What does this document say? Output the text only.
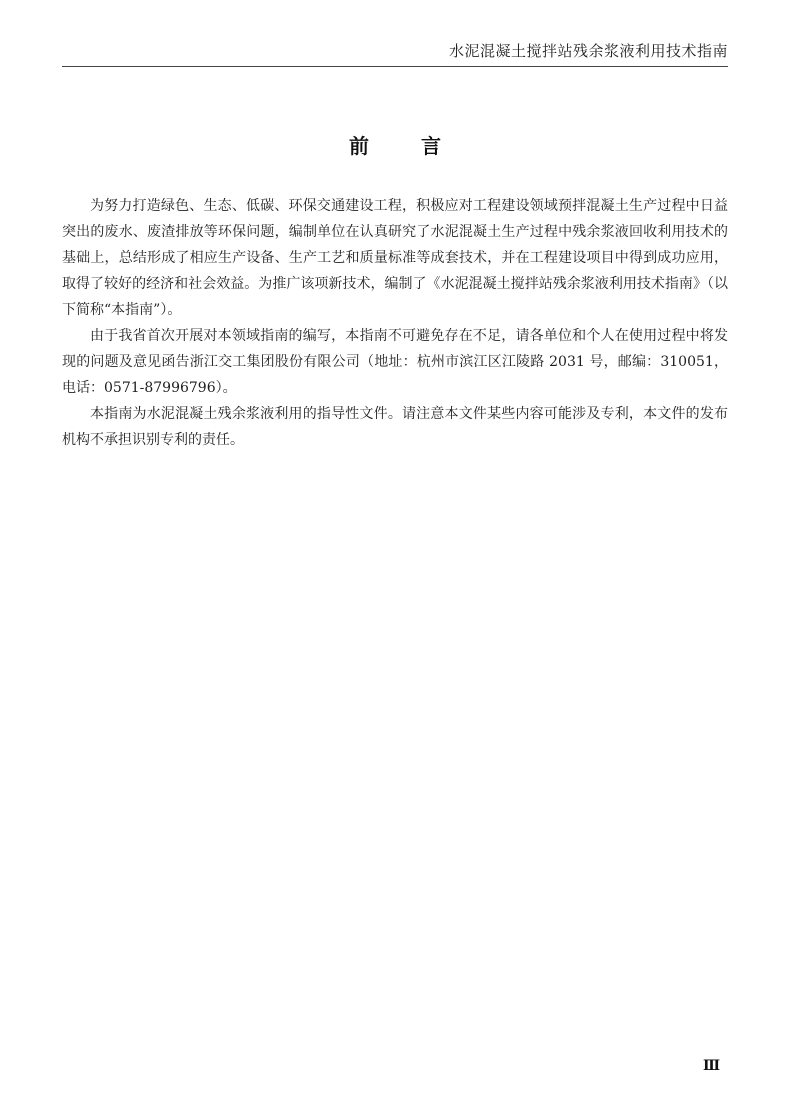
水泥混凝土搅拌站残余浆液利用技术指南
前	言

为努力打造绿色、生态、低碳、环保交通建设工程，积极应对工程建设领域预拌混凝土生产过程中日益突出的废水、废渣排放等环保问题，编制单位在认真研究了水泥混凝土生产过程中残余浆液回收利用技术的基础上，总结形成了相应生产设备、生产工艺和质量标准等成套技术，并在工程建设项目中得到成功应用，取得了较好的经济和社会效益。为推广该项新技术，编制了《水泥混凝土搅拌站残余浆液利用技术指南》（以下简称“本指南”）。

由于我省首次开展对本领域指南的编写，本指南不可避免存在不足，请各单位和个人在使用过程中将发现的问题及意见函告浙江交工集团股份有限公司（地址：杭州市滨江区江陵路 2031 号，邮编：310051，电话：0571-87996796）。

本指南为水泥混凝土残余浆液利用的指导性文件。请注意本文件某些内容可能涉及专利，本文件的发布机构不承担识别专利的责任。

Ⅲ
